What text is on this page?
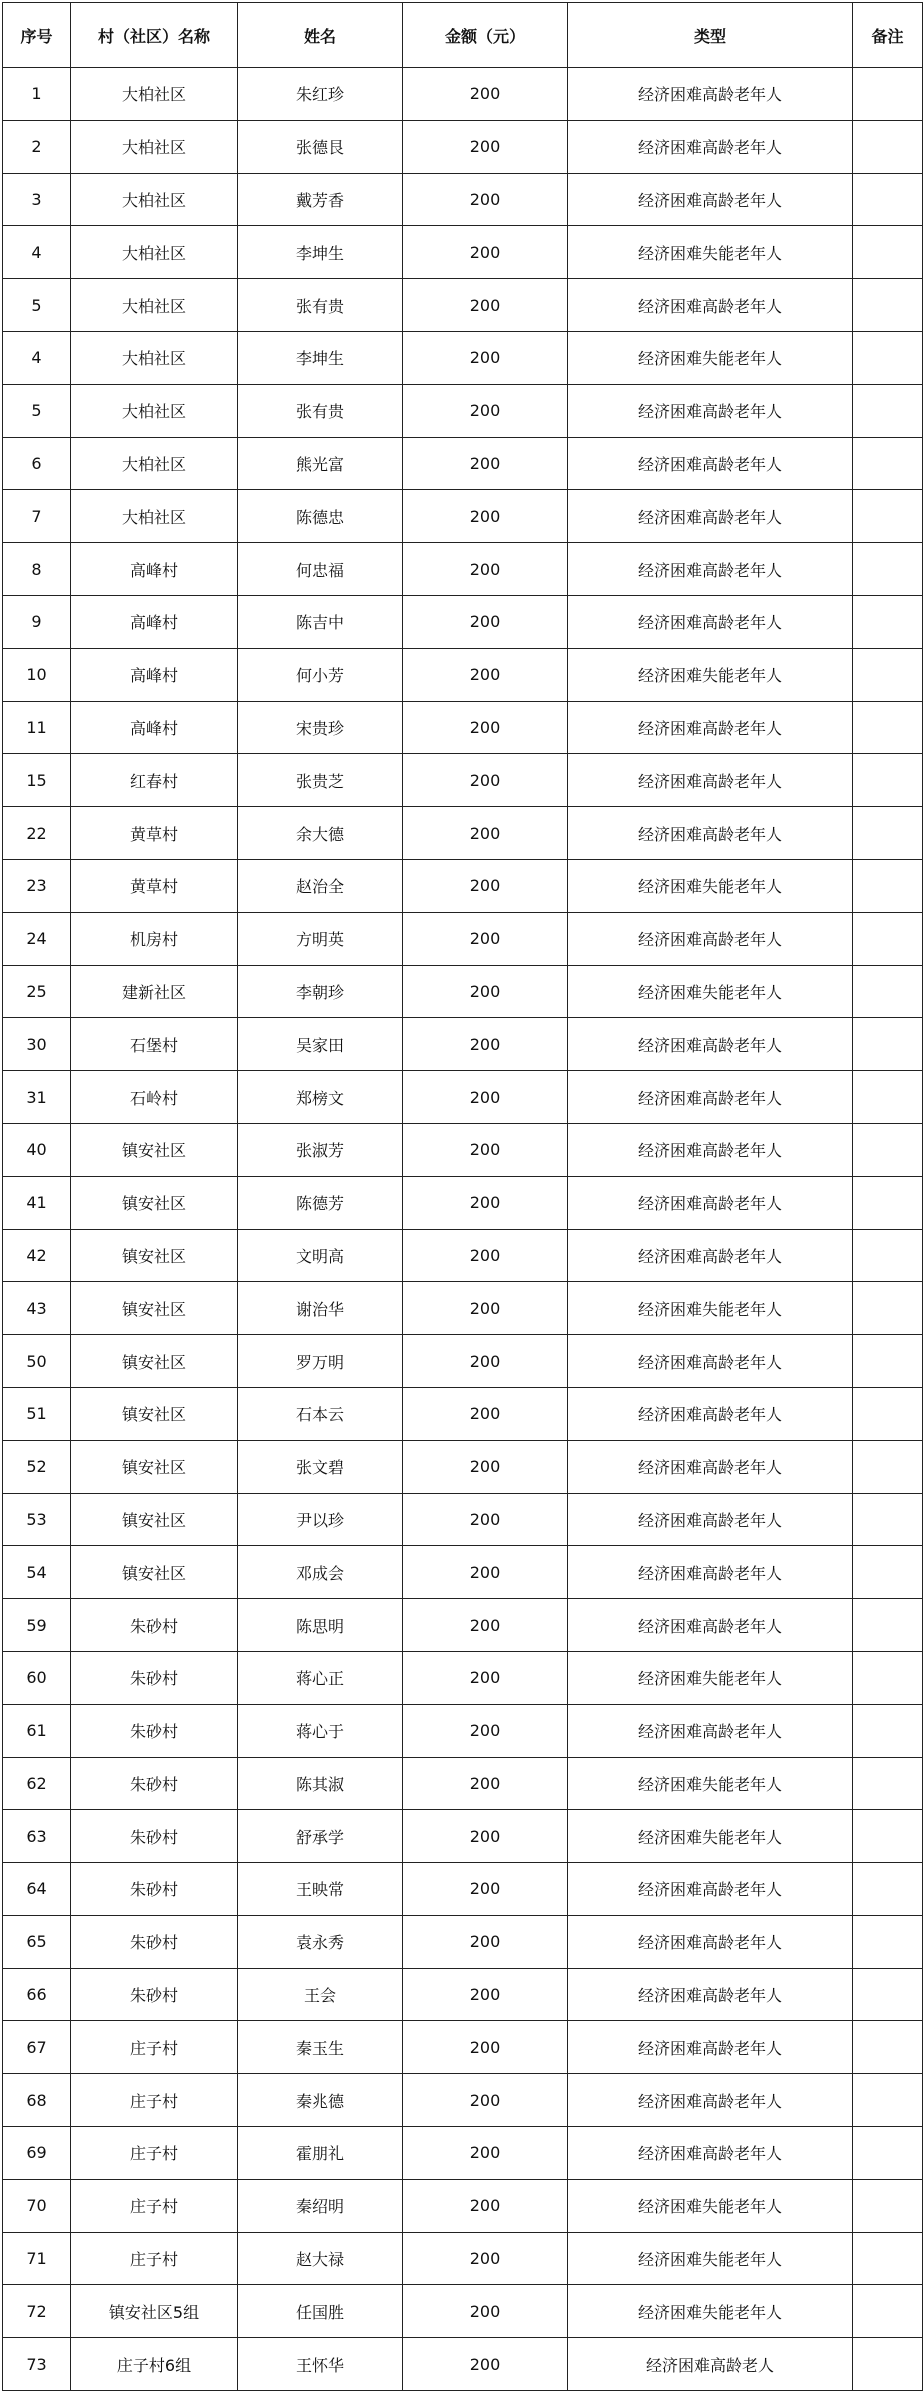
序号	村（社区）名称	姓名	金额（元）	类型	备注
1	大柏社区	朱红珍	200	经济困难高龄老年人	
2	大柏社区	张德艮	200	经济困难高龄老年人	
3	大柏社区	戴芳香	200	经济困难高龄老年人	
4	大柏社区	李坤生	200	经济困难失能老年人	
5	大柏社区	张有贵	200	经济困难高龄老年人	
4	大柏社区	李坤生	200	经济困难失能老年人	
5	大柏社区	张有贵	200	经济困难高龄老年人	
6	大柏社区	熊光富	200	经济困难高龄老年人	
7	大柏社区	陈德忠	200	经济困难高龄老年人	
8	高峰村	何忠福	200	经济困难高龄老年人	
9	高峰村	陈吉中	200	经济困难高龄老年人	
10	高峰村	何小芳	200	经济困难失能老年人	
11	高峰村	宋贵珍	200	经济困难高龄老年人	
15	红春村	张贵芝	200	经济困难高龄老年人	
22	黄草村	余大德	200	经济困难高龄老年人	
23	黄草村	赵治全	200	经济困难失能老年人	
24	机房村	方明英	200	经济困难高龄老年人	
25	建新社区	李朝珍	200	经济困难失能老年人	
30	石堡村	吴家田	200	经济困难高龄老年人	
31	石岭村	郑榜文	200	经济困难高龄老年人	
40	镇安社区	张淑芳	200	经济困难高龄老年人	
41	镇安社区	陈德芳	200	经济困难高龄老年人	
42	镇安社区	文明高	200	经济困难高龄老年人	
43	镇安社区	谢治华	200	经济困难失能老年人	
50	镇安社区	罗万明	200	经济困难高龄老年人	
51	镇安社区	石本云	200	经济困难高龄老年人	
52	镇安社区	张文碧	200	经济困难高龄老年人	
53	镇安社区	尹以珍	200	经济困难高龄老年人	
54	镇安社区	邓成会	200	经济困难高龄老年人	
59	朱砂村	陈思明	200	经济困难高龄老年人	
60	朱砂村	蒋心正	200	经济困难失能老年人	
61	朱砂村	蒋心于	200	经济困难高龄老年人	
62	朱砂村	陈其淑	200	经济困难失能老年人	
63	朱砂村	舒承学	200	经济困难失能老年人	
64	朱砂村	王映常	200	经济困难高龄老年人	
65	朱砂村	袁永秀	200	经济困难高龄老年人	
66	朱砂村	王会	200	经济困难高龄老年人	
67	庄子村	秦玉生	200	经济困难高龄老年人	
68	庄子村	秦兆德	200	经济困难高龄老年人	
69	庄子村	霍朋礼	200	经济困难高龄老年人	
70	庄子村	秦绍明	200	经济困难失能老年人	
71	庄子村	赵大禄	200	经济困难失能老年人	
72	镇安社区5组	任国胜	200	经济困难失能老年人	
73	庄子村6组	王怀华	200	经济困难高龄老人	
